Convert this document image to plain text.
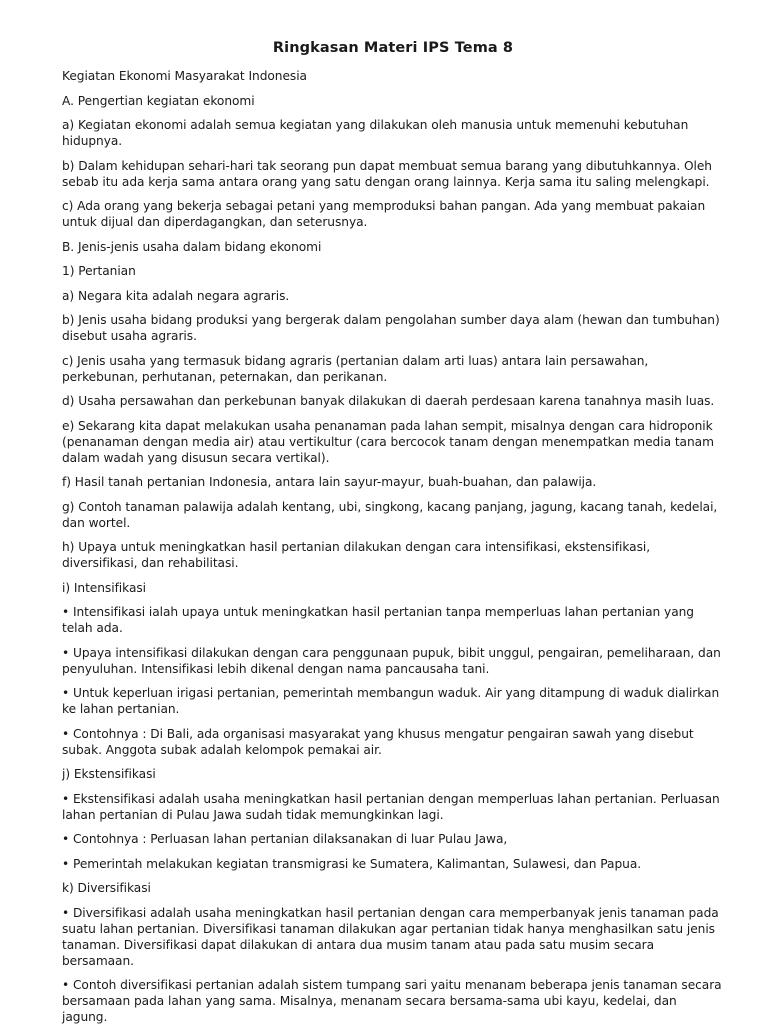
Ringkasan Materi IPS Tema 8

Kegiatan Ekonomi Masyarakat Indonesia

A. Pengertian kegiatan ekonomi

a) Kegiatan ekonomi adalah semua kegiatan yang dilakukan oleh manusia untuk memenuhi kebutuhan hidupnya.

b) Dalam kehidupan sehari-hari tak seorang pun dapat membuat semua barang yang dibutuhkannya. Oleh sebab itu ada kerja sama antara orang yang satu dengan orang lainnya. Kerja sama itu saling melengkapi.

c) Ada orang yang bekerja sebagai petani yang memproduksi bahan pangan. Ada yang membuat pakaian untuk dijual dan diperdagangkan, dan seterusnya.

B. Jenis-jenis usaha dalam bidang ekonomi

1) Pertanian

a) Negara kita adalah negara agraris.

b) Jenis usaha bidang produksi yang bergerak dalam pengolahan sumber daya alam (hewan dan tumbuhan) disebut usaha agraris.

c) Jenis usaha yang termasuk bidang agraris (pertanian dalam arti luas) antara lain persawahan, perkebunan, perhutanan, peternakan, dan perikanan.

d) Usaha persawahan dan perkebunan banyak dilakukan di daerah perdesaan karena tanahnya masih luas.

e) Sekarang kita dapat melakukan usaha penanaman pada lahan sempit, misalnya dengan cara hidroponik (penanaman dengan media air) atau vertikultur (cara bercocok tanam dengan menempatkan media tanam dalam wadah yang disusun secara vertikal).

f) Hasil tanah pertanian Indonesia, antara lain sayur-mayur, buah-buahan, dan palawija.

g) Contoh tanaman palawija adalah kentang, ubi, singkong, kacang panjang, jagung, kacang tanah, kedelai, dan wortel.

h) Upaya untuk meningkatkan hasil pertanian dilakukan dengan cara intensifikasi, ekstensifikasi, diversifikasi, dan rehabilitasi.

i) Intensifikasi

• Intensifikasi ialah upaya untuk meningkatkan hasil pertanian tanpa memperluas lahan pertanian yang telah ada.

• Upaya intensifikasi dilakukan dengan cara penggunaan pupuk, bibit unggul, pengairan, pemeliharaan, dan penyuluhan. Intensifikasi lebih dikenal dengan nama pancausaha tani.

• Untuk keperluan irigasi pertanian, pemerintah membangun waduk. Air yang ditampung di waduk dialirkan ke lahan pertanian.

• Contohnya : Di Bali, ada organisasi masyarakat yang khusus mengatur pengairan sawah yang disebut subak. Anggota subak adalah kelompok pemakai air.

j) Ekstensifikasi

• Ekstensifikasi adalah usaha meningkatkan hasil pertanian dengan memperluas lahan pertanian. Perluasan lahan pertanian di Pulau Jawa sudah tidak memungkinkan lagi.

• Contohnya : Perluasan lahan pertanian dilaksanakan di luar Pulau Jawa,

• Pemerintah melakukan kegiatan transmigrasi ke Sumatera, Kalimantan, Sulawesi, dan Papua.

k) Diversifikasi

• Diversifikasi adalah usaha meningkatkan hasil pertanian dengan cara memperbanyak jenis tanaman pada suatu lahan pertanian. Diversifikasi tanaman dilakukan agar pertanian tidak hanya menghasilkan satu jenis tanaman. Diversifikasi dapat dilakukan di antara dua musim tanam atau pada satu musim secara bersamaan.

• Contoh diversifikasi pertanian adalah sistem tumpang sari yaitu menanam beberapa jenis tanaman secara bersamaan pada lahan yang sama. Misalnya, menanam secara bersama-sama ubi kayu, kedelai, dan jagung.
